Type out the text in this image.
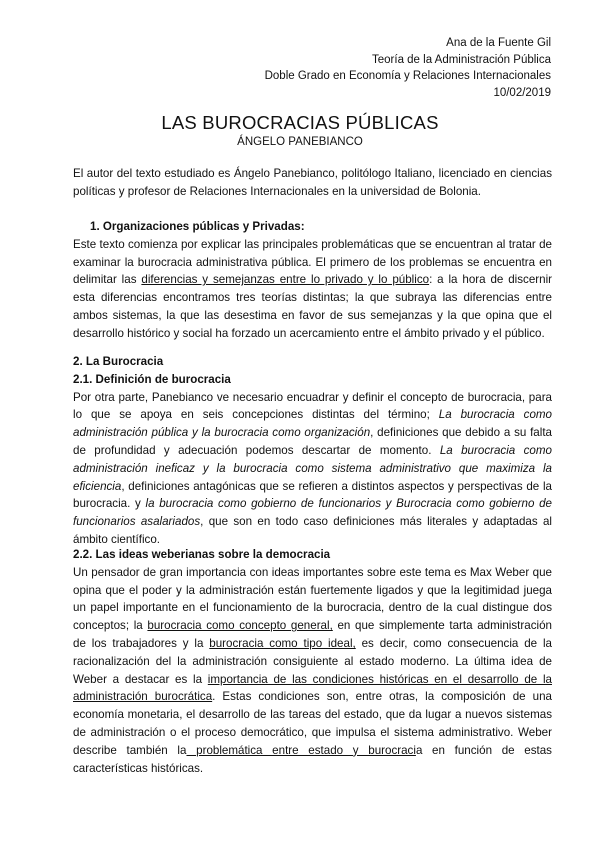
Ana de la Fuente Gil
Teoría de la Administración Pública
Doble Grado en Economía y Relaciones Internacionales
10/02/2019
LAS BUROCRACIAS PÚBLICAS
ÁNGELO PANEBIANCO

El autor del texto estudiado es Ángelo Panebianco, politólogo Italiano, licenciado en ciencias políticas y profesor de Relaciones Internacionales en la universidad de Bolonia.

1. Organizaciones públicas y Privadas:

Este texto comienza por explicar las principales problemáticas que se encuentran al tratar de examinar la burocracia administrativa pública. El primero de los problemas se encuentra en delimitar las diferencias y semejanzas entre lo privado y lo público: a la hora de discernir esta diferencias encontramos tres teorías distintas; la que subraya las diferencias entre ambos sistemas, la que las desestima en favor de sus semejanzas y la que opina que el desarrollo histórico y social ha forzado un acercamiento entre el ámbito privado y el público.

2. La Burocracia

2.1. Definición de burocracia

Por otra parte, Panebianco ve necesario encuadrar y definir el concepto de burocracia, para lo que se apoya en seis concepciones distintas del término; La burocracia como administración pública y la burocracia como organización, definiciones que debido a su falta de profundidad y adecuación podemos descartar de momento. La burocracia como administración ineficaz y la burocracia como sistema administrativo que maximiza la eficiencia, definiciones antagónicas que se refieren a distintos aspectos y perspectivas de la burocracia. y la burocracia como gobierno de funcionarios y Burocracia como gobierno de funcionarios asalariados, que son en todo caso definiciones más literales y adaptadas al ámbito científico.

2.2. Las ideas weberianas sobre la democracia

Un pensador de gran importancia con ideas importantes sobre este tema es Max Weber que opina que el poder y la administración están fuertemente ligados y que la legitimidad juega un papel importante en el funcionamiento de la burocracia, dentro de la cual distingue dos conceptos; la burocracia como concepto general, en que simplemente tarta administración de los trabajadores y la burocracia como tipo ideal, es decir, como consecuencia de la racionalización del la administración consiguiente al estado moderno. La última idea de Weber a destacar es la importancia de las condiciones históricas en el desarrollo de la administración burocrática. Estas condiciones son, entre otras, la composición de una economía monetaria, el desarrollo de las tareas del estado, que da lugar a nuevos sistemas de administración o el proceso democrático, que impulsa el sistema administrativo. Weber describe también la problemática entre estado y burocracia en función de estas características históricas.
